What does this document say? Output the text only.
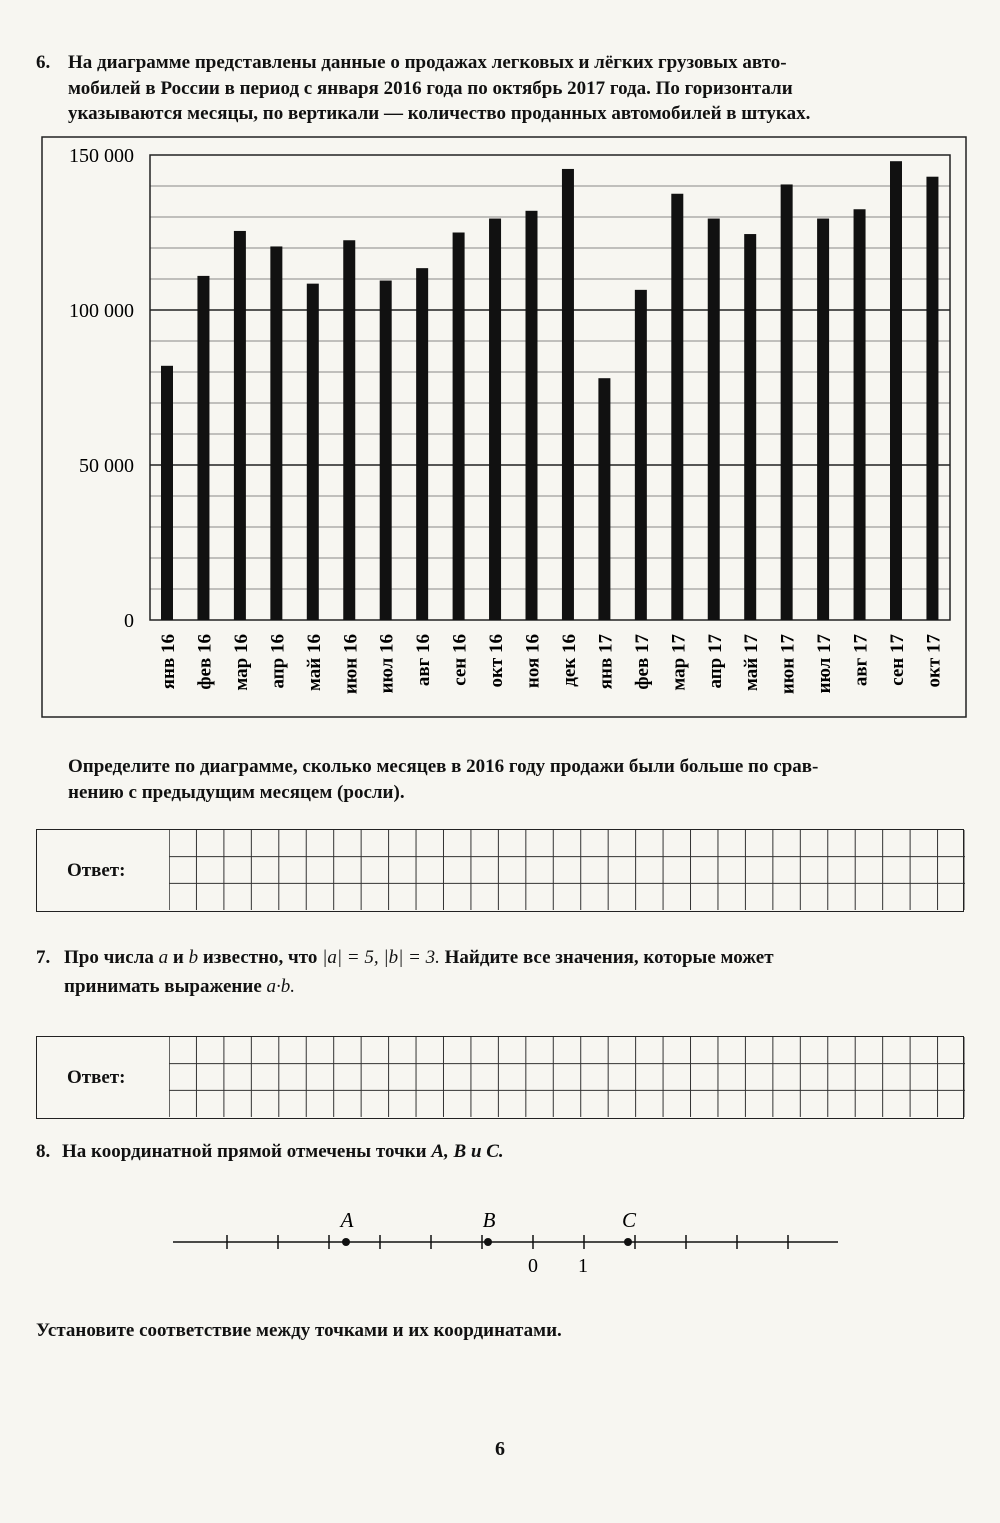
6. На диаграмме представлены данные о продажах легковых и лёгких грузовых авто-

мобилей в России в период с января 2016 года по октябрь 2017 года. По горизонтали

указываются месяцы, по вертикали — количество проданных автомобилей в штуках.

0
50 000
100 000
150 000
янв 16 фев 16 мар 16 апр 16 май 16 июн 16 июл 16 авг 16 сен 16 окт 16 ноя 16 дек 16 янв 17 фев 17 мар 17 апр 17 май 17 июн 17 июл 17 авг 17 сен 17 окт 17

Определите по диаграмме, сколько месяцев в 2016 году продажи были больше по срав-

нению с предыдущим месяцем (росли).

Ответ:
7. Про числа a и b известно, что |a| = 5, |b| = 3. Найдите все значения, которые может

принимать выражение a·b.

Ответ:
8. На координатной прямой отмечены точки A, B и C.

A	B	C
0 1

Установите соответствие между точками и их координатами.

6
